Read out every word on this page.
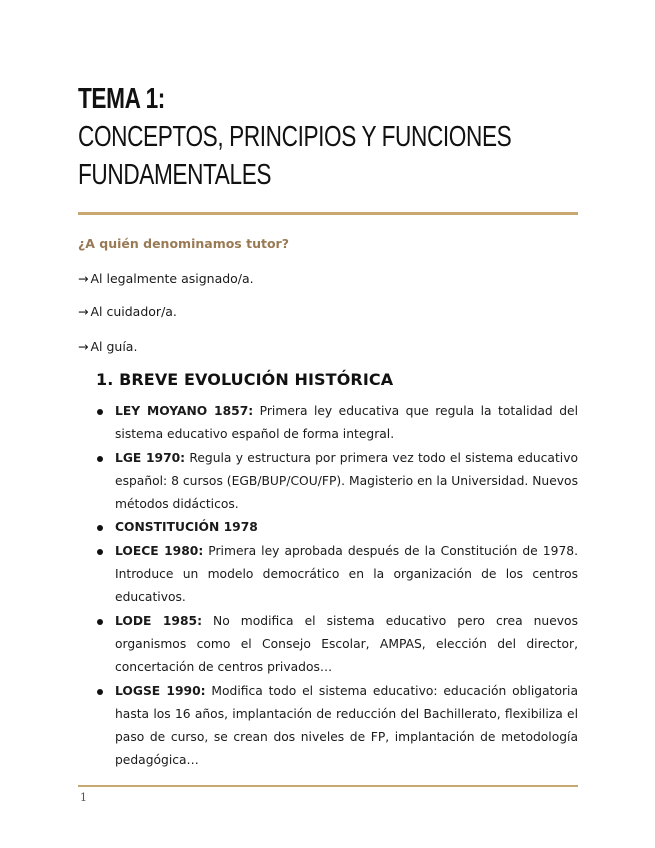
TEMA 1:
CONCEPTOS, PRINCIPIOS Y FUNCIONES
FUNDAMENTALES
¿A quién denominamos tutor?
→ Al legalmente asignado/a.
→ Al cuidador/a.
→ Al guía.
1. BREVE EVOLUCIÓN HISTÓRICA
LEY MOYANO 1857: Primera ley educativa que regula la totalidad del sistema educativo español de forma integral.
LGE 1970: Regula y estructura por primera vez todo el sistema educativo español: 8 cursos (EGB/BUP/COU/FP). Magisterio en la Universidad. Nuevos métodos didácticos.
CONSTITUCIÓN 1978
LOECE 1980: Primera ley aprobada después de la Constitución de 1978. Introduce un modelo democrático en la organización de los centros educativos.
LODE 1985: No modifica el sistema educativo pero crea nuevos organismos como el Consejo Escolar, AMPAS, elección del director, concertación de centros privados…
LOGSE 1990: Modifica todo el sistema educativo: educación obligatoria hasta los 16 años, implantación de reducción del Bachillerato, flexibiliza el paso de curso, se crean dos niveles de FP, implantación de metodología pedagógica…
1
